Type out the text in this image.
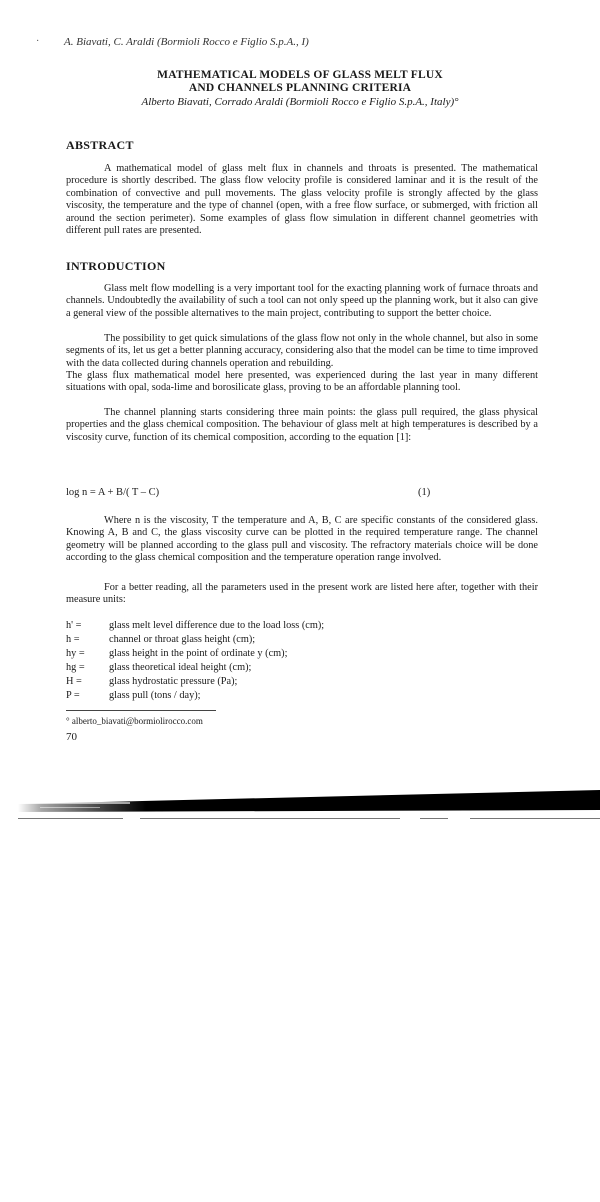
· A. Biavati, C. Araldi (Bormioli Rocco e Figlio S.p.A., I)
MATHEMATICAL MODELS OF GLASS MELT FLUX
AND CHANNELS PLANNING CRITERIA
Alberto Biavati, Corrado Araldi (Bormioli Rocco e Figlio S.p.A., Italy)°
ABSTRACT
A mathematical model of glass melt flux in channels and throats is presented. The mathematical procedure is shortly described. The glass flow velocity profile is considered laminar and it is the result of the combination of convective and pull movements. The glass velocity profile is strongly affected by the glass viscosity, the temperature and the type of channel (open, with a free flow surface, or submerged, with friction all around the section perimeter). Some examples of glass flow simulation in different channel geometries with different pull rates are presented.
INTRODUCTION
Glass melt flow modelling is a very important tool for the exacting planning work of furnace throats and channels. Undoubtedly the availability of such a tool can not only speed up the planning work, but it also can give a general view of the possible alternatives to the main project, contributing to support the better choice.
The possibility to get quick simulations of the glass flow not only in the whole channel, but also in some segments of its, let us get a better planning accuracy, considering also that the model can be time to time improved with the data collected during channels operation and rebuilding.
The glass flux mathematical model here presented, was experienced during the last year in many different situations with opal, soda-lime and borosilicate glass, proving to be an affordable planning tool.
The channel planning starts considering three main points: the glass pull required, the glass physical properties and the glass chemical composition. The behaviour of glass melt at high temperatures is described by a viscosity curve, function of its chemical composition, according to the equation [1]:
log n = A + B/( T – C)	(1)
Where n is the viscosity, T the temperature and A, B, C are specific constants of the considered glass. Knowing A, B and C, the glass viscosity curve can be plotted in the required temperature range. The channel geometry will be planned according to the glass pull and viscosity. The refractory materials choice will be done according to the glass chemical composition and the temperature operation range involved.
For a better reading, all the parameters used in the present work are listed here after, together with their measure units:
h' =	glass melt level difference due to the load loss (cm);
h =	channel or throat glass height (cm);
hy =	glass height in the point of ordinate y (cm);
hg =	glass theoretical ideal height (cm);
H =	glass hydrostatic pressure (Pa);
P =	glass pull (tons / day);
° alberto_biavati@bormiolirocco.com
70
